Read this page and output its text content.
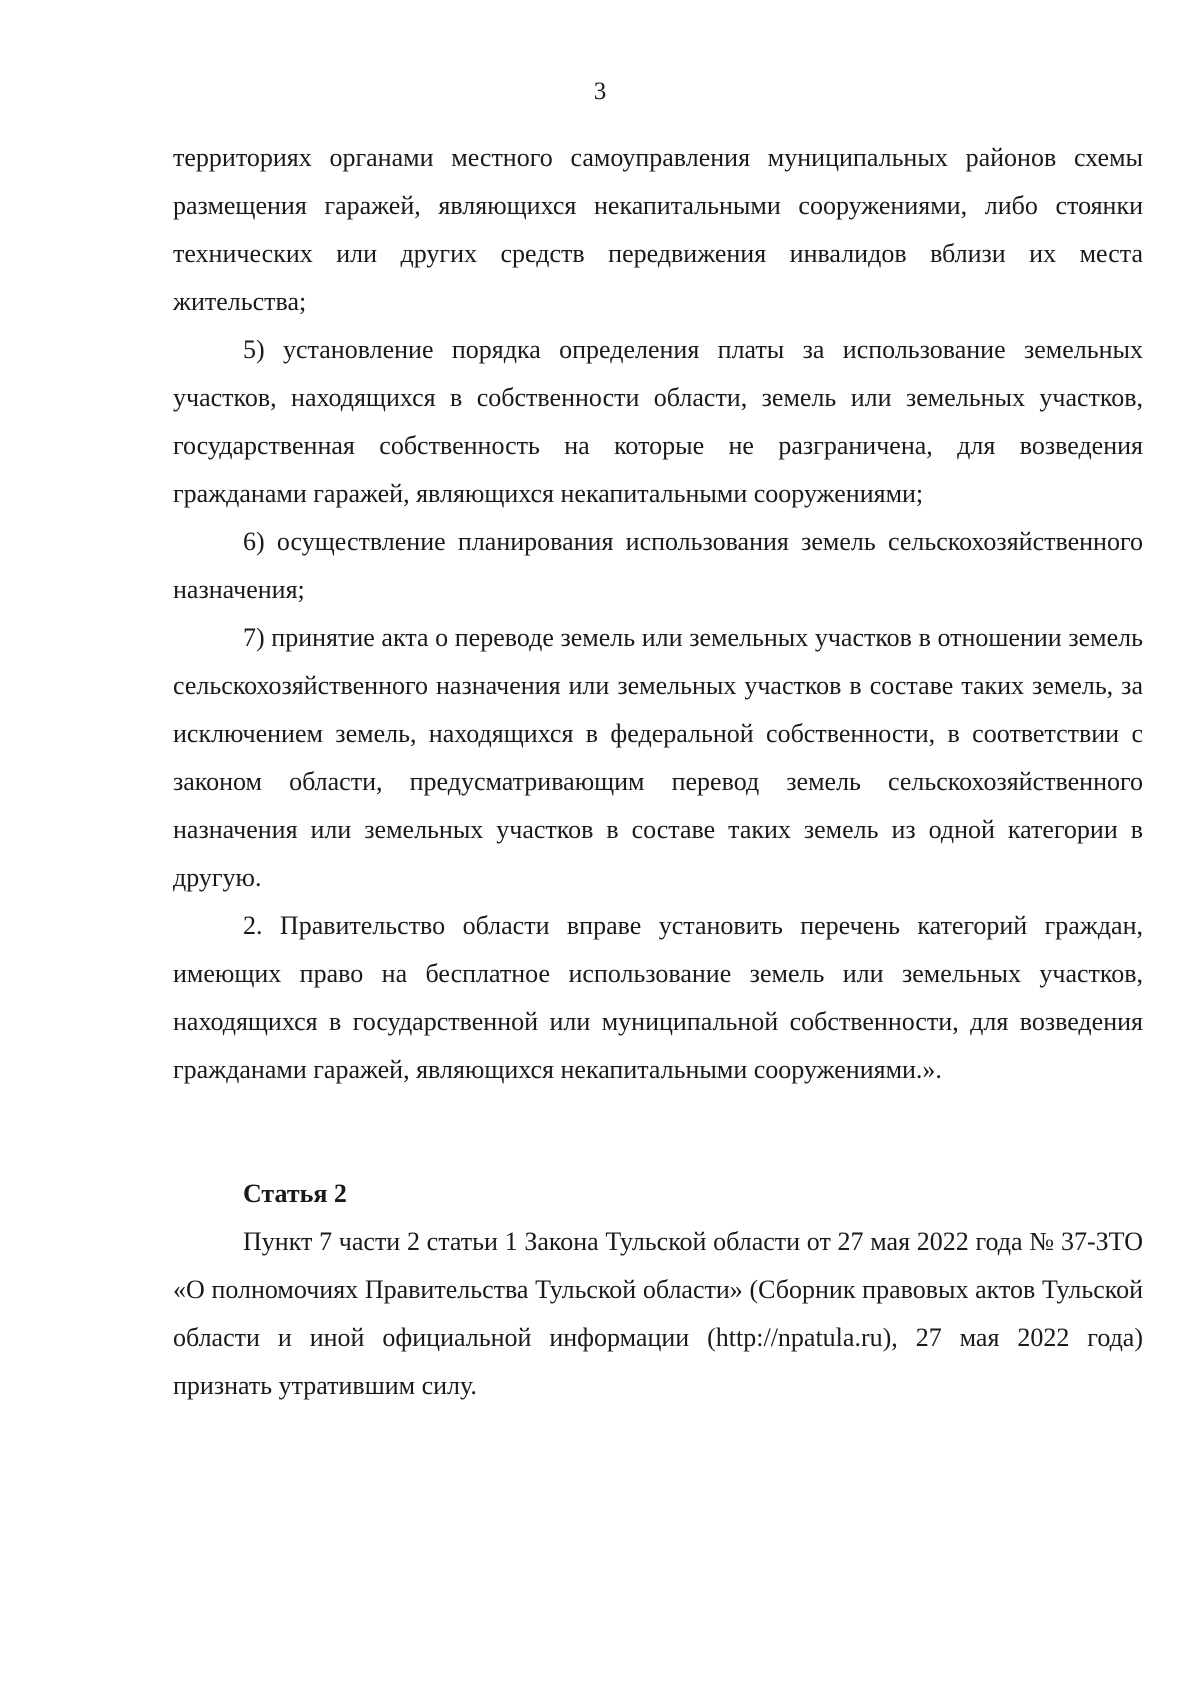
3

территориях органами местного самоуправления муниципальных районов схемы размещения гаражей, являющихся некапитальными сооружениями, либо стоянки технических или других средств передвижения инвалидов вблизи их места жительства;

5) установление порядка определения платы за использование земельных участков, находящихся в собственности области, земель или земельных участков, государственная собственность на которые не разграничена, для возведения гражданами гаражей, являющихся некапитальными сооружениями;

6) осуществление планирования использования земель сельскохозяйственного назначения;

7) принятие акта о переводе земель или земельных участков в отношении земель сельскохозяйственного назначения или земельных участков в составе таких земель, за исключением земель, находящихся в федеральной собственности, в соответствии с законом области, предусматривающим перевод земель сельскохозяйственного назначения или земельных участков в составе таких земель из одной категории в другую.

2. Правительство области вправе установить перечень категорий граждан, имеющих право на бесплатное использование земель или земельных участков, находящихся в государственной или муниципальной собственности, для возведения гражданами гаражей, являющихся некапитальными сооружениями.».

Статья 2

Пункт 7 части 2 статьи 1 Закона Тульской области от 27 мая 2022 года № 37-ЗТО «О полномочиях Правительства Тульской области» (Сборник правовых актов Тульской области и иной официальной информации (http://npatula.ru), 27 мая 2022 года) признать утратившим силу.
